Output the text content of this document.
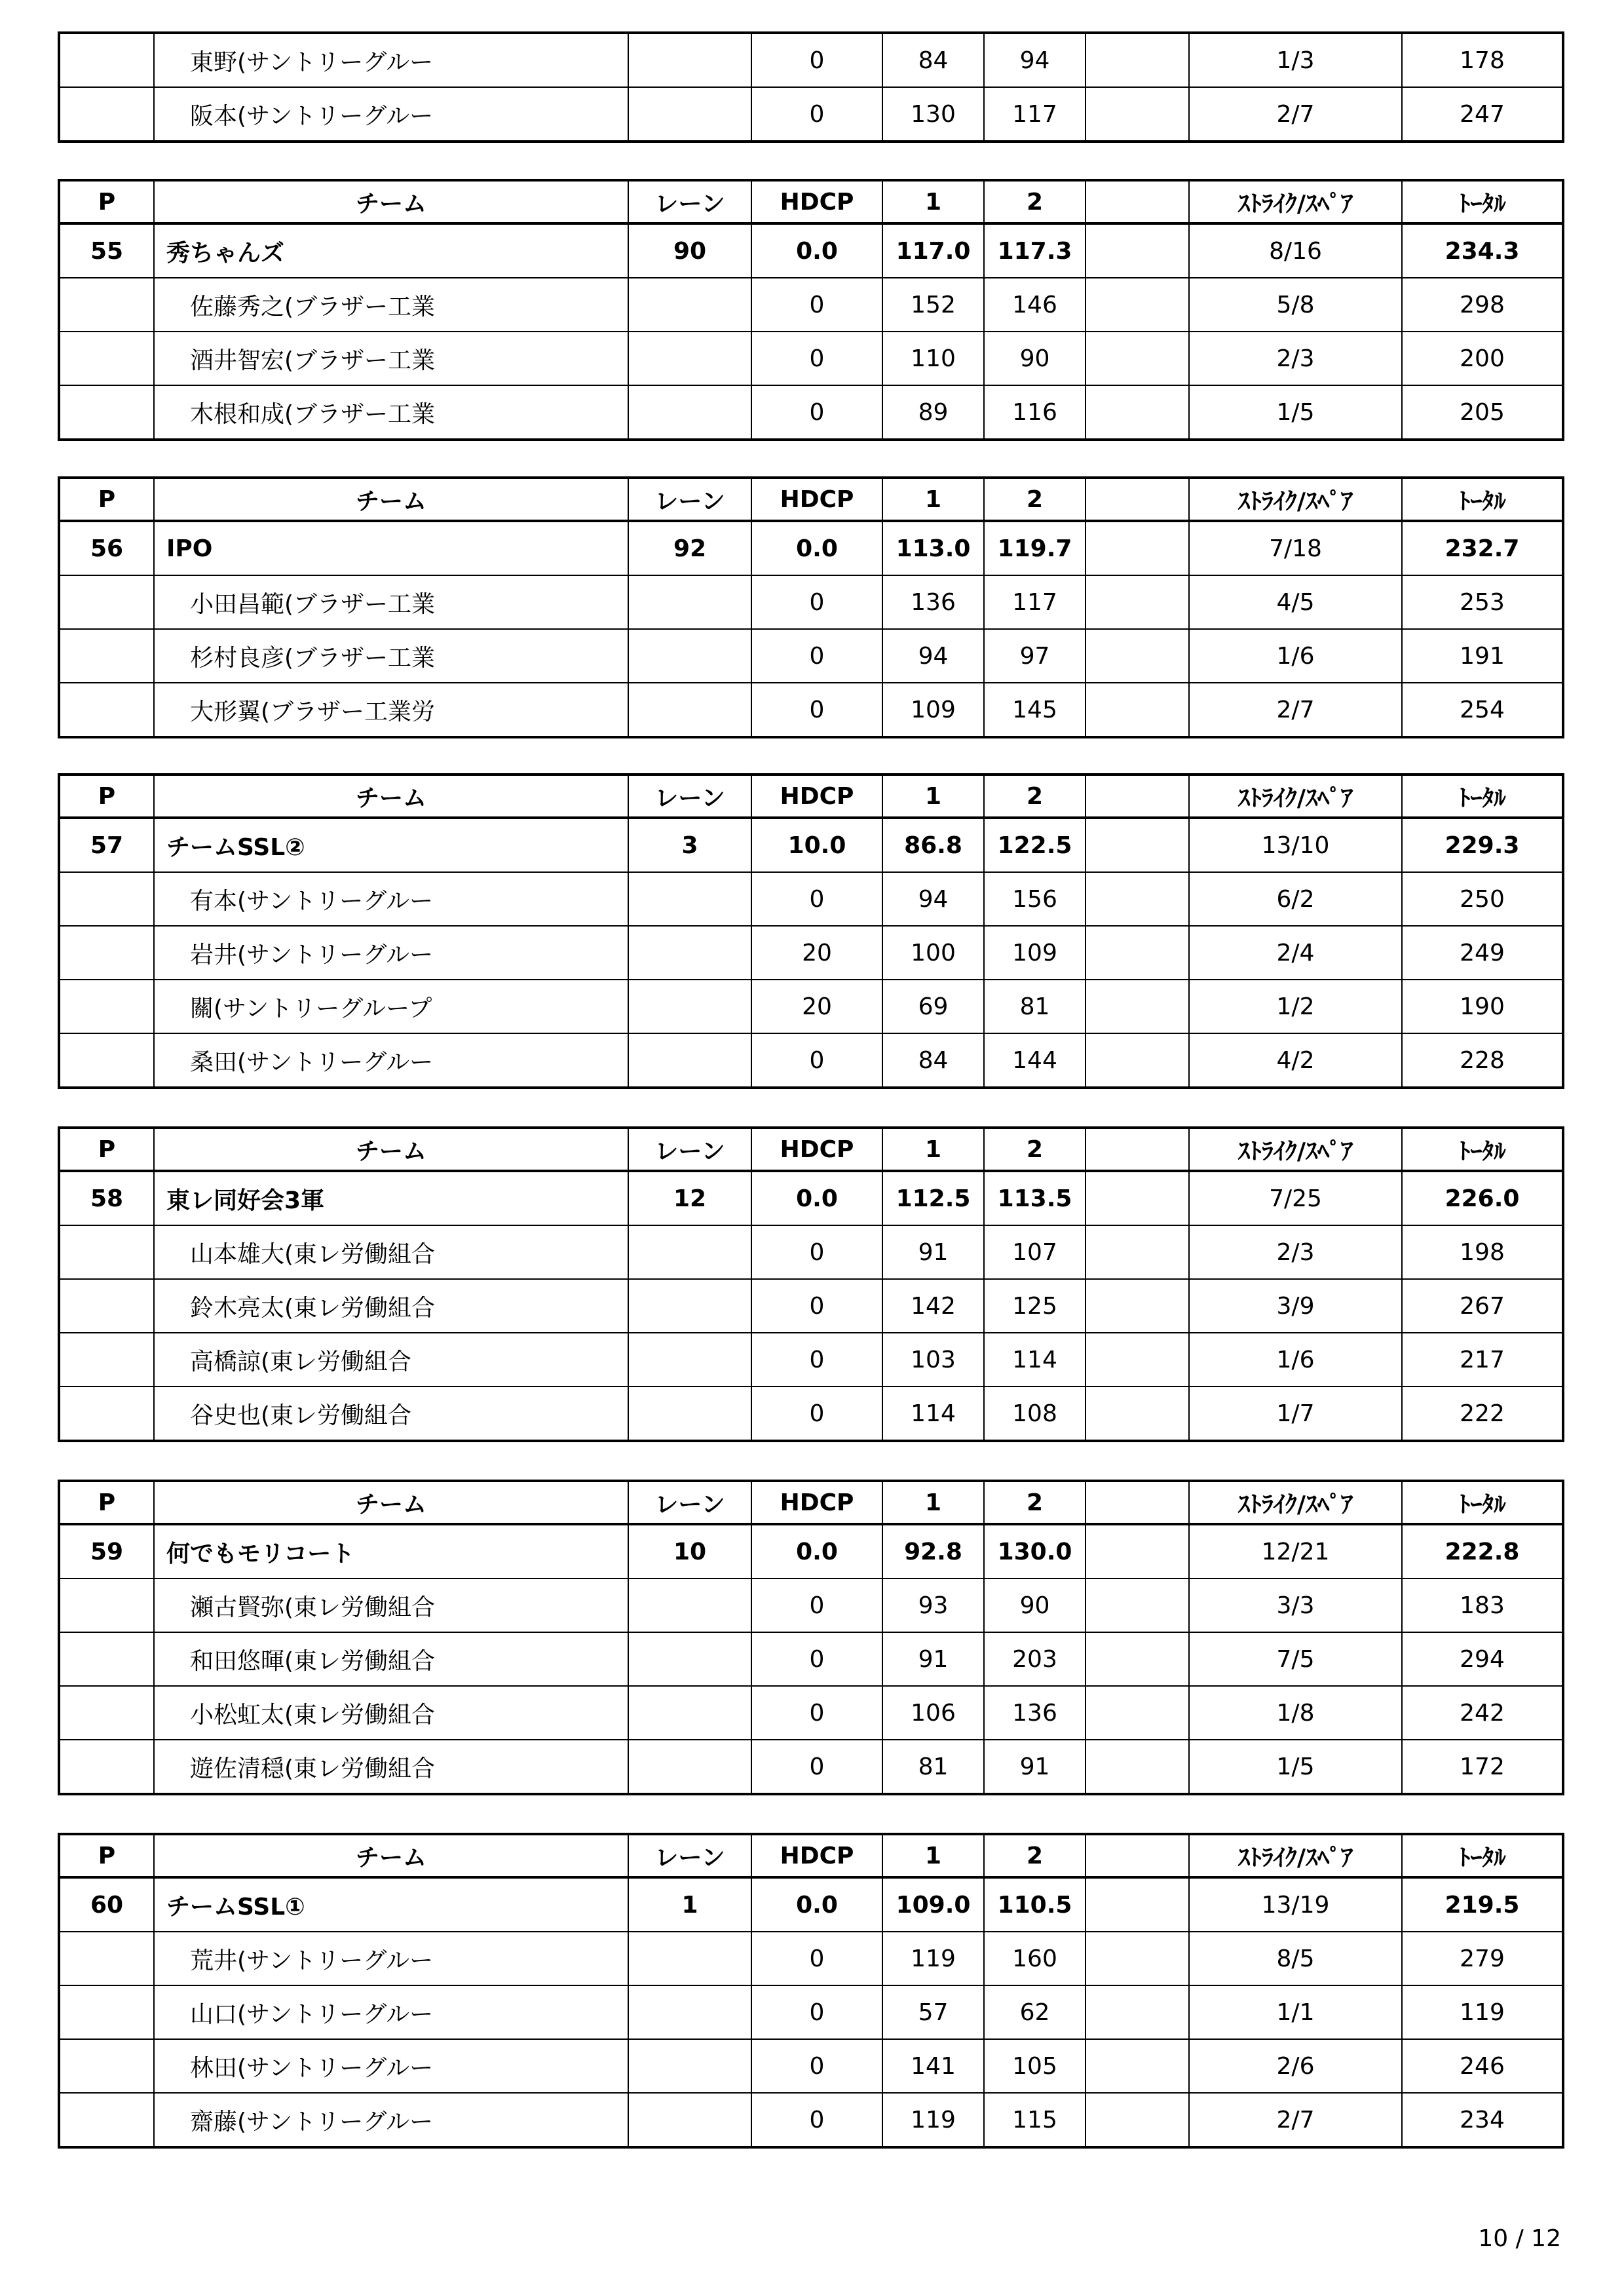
	東野(サントリーグルー		0	84	94		1/3	178
	阪本(サントリーグルー		0	130	117		2/7	247
P	チーム	レーン	HDCP	1	2		ｽﾄﾗｲｸ/ｽﾍﾟｱ	ﾄｰﾀﾙ
55	秀ちゃんズ	90	0.0	117.0	117.3		8/16	234.3
	佐藤秀之(ブラザー工業		0	152	146		5/8	298
	酒井智宏(ブラザー工業		0	110	90		2/3	200
	木根和成(ブラザー工業		0	89	116		1/5	205
P	チーム	レーン	HDCP	1	2		ｽﾄﾗｲｸ/ｽﾍﾟｱ	ﾄｰﾀﾙ
56	IPO	92	0.0	113.0	119.7		7/18	232.7
	小田昌範(ブラザー工業		0	136	117		4/5	253
	杉村良彦(ブラザー工業		0	94	97		1/6	191
	大形翼(ブラザー工業労		0	109	145		2/7	254
P	チーム	レーン	HDCP	1	2		ｽﾄﾗｲｸ/ｽﾍﾟｱ	ﾄｰﾀﾙ
57	チームSSL②	3	10.0	86.8	122.5		13/10	229.3
	有本(サントリーグルー		0	94	156		6/2	250
	岩井(サントリーグルー		20	100	109		2/4	249
	關(サントリーグループ		20	69	81		1/2	190
	桑田(サントリーグルー		0	84	144		4/2	228
P	チーム	レーン	HDCP	1	2		ｽﾄﾗｲｸ/ｽﾍﾟｱ	ﾄｰﾀﾙ
58	東レ同好会3軍	12	0.0	112.5	113.5		7/25	226.0
	山本雄大(東レ労働組合		0	91	107		2/3	198
	鈴木亮太(東レ労働組合		0	142	125		3/9	267
	高橋諒(東レ労働組合		0	103	114		1/6	217
	谷史也(東レ労働組合		0	114	108		1/7	222
P	チーム	レーン	HDCP	1	2		ｽﾄﾗｲｸ/ｽﾍﾟｱ	ﾄｰﾀﾙ
59	何でもモリコート	10	0.0	92.8	130.0		12/21	222.8
	瀬古賢弥(東レ労働組合		0	93	90		3/3	183
	和田悠暉(東レ労働組合		0	91	203		7/5	294
	小松虹太(東レ労働組合		0	106	136		1/8	242
	遊佐清穏(東レ労働組合		0	81	91		1/5	172
P	チーム	レーン	HDCP	1	2		ｽﾄﾗｲｸ/ｽﾍﾟｱ	ﾄｰﾀﾙ
60	チームSSL①	1	0.0	109.0	110.5		13/19	219.5
	荒井(サントリーグルー		0	119	160		8/5	279
	山口(サントリーグルー		0	57	62		1/1	119
	林田(サントリーグルー		0	141	105		2/6	246
	齋藤(サントリーグルー		0	119	115		2/7	234
10 / 12
